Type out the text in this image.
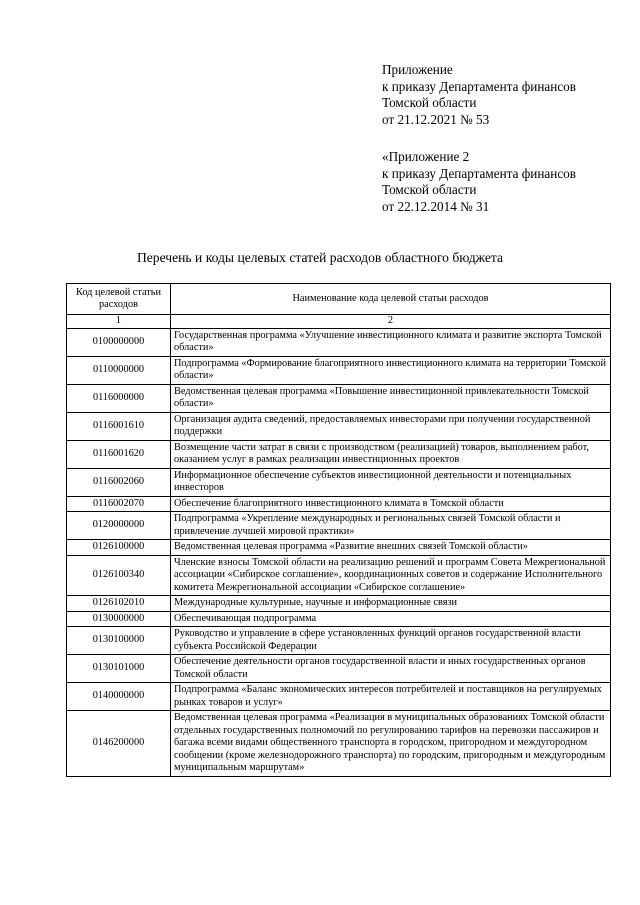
Приложение
к приказу Департамента финансов
Томской области
от 21.12.2021 № 53
«Приложение 2
к приказу Департамента финансов
Томской области
от 22.12.2014 № 31
Перечень и коды целевых статей расходов областного бюджета
Код целевой статьи расходов	Наименование кода целевой статьи расходов
1	2
0100000000	Государственная программа «Улучшение инвестиционного климата и развитие экспорта Томской области»
0110000000	Подпрограмма «Формирование благоприятного инвестиционного климата на территории Томской области»
0116000000	Ведомственная целевая программа «Повышение инвестиционной привлекательности Томской области»
0116001610	Организация аудита сведений, предоставляемых инвесторами при получении государственной поддержки
0116001620	Возмещение части затрат в связи с производством (реализацией) товаров, выполнением работ, оказанием услуг в рамках реализации инвестиционных проектов
0116002060	Информационное обеспечение субъектов инвестиционной деятельности и потенциальных инвесторов
0116002070	Обеспечение благоприятного инвестиционного климата в Томской области
0120000000	Подпрограмма «Укрепление международных и региональных связей Томской области и привлечение лучшей мировой практики»
0126100000	Ведомственная целевая программа «Развитие внешних связей Томской области»
0126100340	Членские взносы Томской области на реализацию решений и программ Совета Межрегиональной ассоциации «Сибирское соглашение», координационных советов и содержание Исполнительного комитета Межрегиональной ассоциации «Сибирское соглашение»
0126102010	Международные культурные, научные и информационные связи
0130000000	Обеспечивающая подпрограмма
0130100000	Руководство и управление в сфере установленных функций органов государственной власти субъекта Российской Федерации
0130101000	Обеспечение деятельности органов государственной власти и иных государственных органов Томской области
0140000000	Подпрограмма «Баланс экономических интересов потребителей и поставщиков на регулируемых рынках товаров и услуг»
0146200000	Ведомственная целевая программа «Реализация в муниципальных образованиях Томской области отдельных государственных полномочий по регулированию тарифов на перевозки пассажиров и багажа всеми видами общественного транспорта в городском, пригородном и междугородном сообщении (кроме железнодорожного транспорта) по городским, пригородным и междугородным муниципальным маршрутам»
